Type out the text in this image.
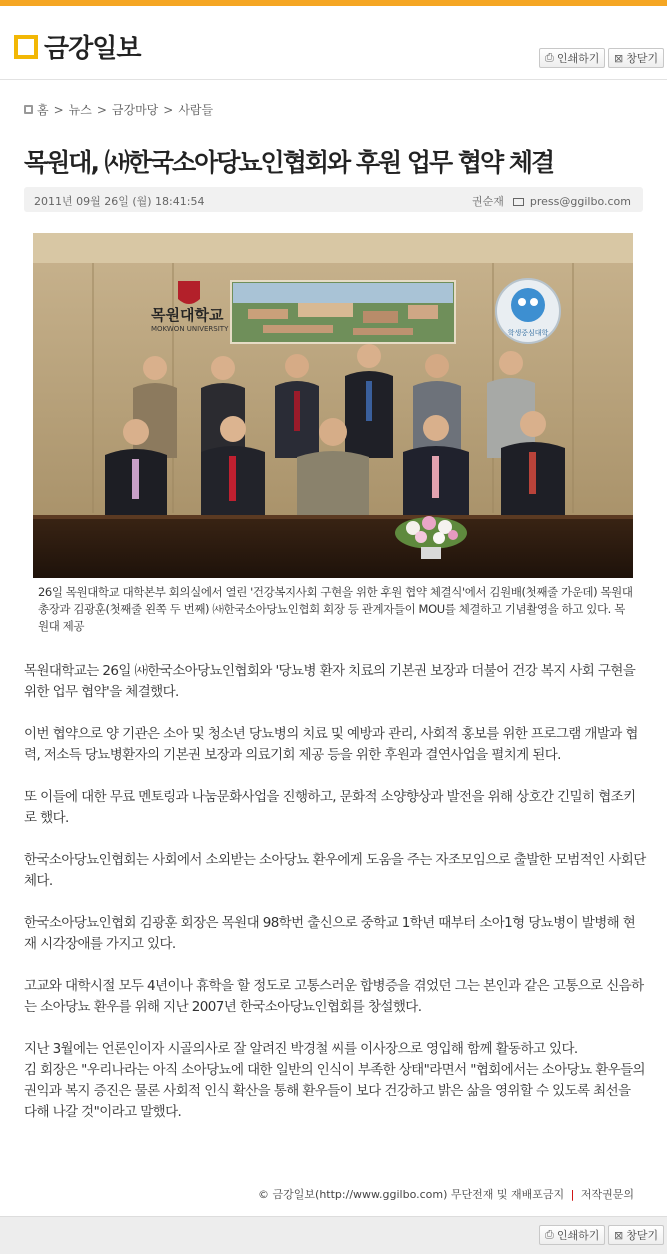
금강일보	⎙ 인쇄하기 ⊠ 창닫기
홈 > 뉴스 > 금강마당 > 사람들
목원대, ㈔한국소아당뇨인협회와 후원 업무 협약 체결
2011년 09월 26일 (월) 18:41:54	권순재 press@ggilbo.com
목원대학교
MOKWON UNIVERSITY	학생중심대학
26일 목원대학교 대학본부 회의실에서 열린 '건강복지사회 구현을 위한 후원 협약 체결식'에서 김원배(첫째줄 가운데) 목원대 총장과 김광훈(첫째줄 왼쪽 두 번째) ㈔한국소아당뇨인협회 회장 등 관계자들이 MOU를 체결하고 기념촬영을 하고 있다. 목원대 제공

목원대학교는 26일 ㈔한국소아당뇨인협회와 '당뇨병 환자 치료의 기본권 보장과 더불어 건강 복지 사회 구현을 위한 업무 협약'을 체결했다.

이번 협약으로 양 기관은 소아 및 청소년 당뇨병의 치료 및 예방과 관리, 사회적 홍보를 위한 프로그램 개발과 협력, 저소득 당뇨병환자의 기본권 보장과 의료기회 제공 등을 위한 후원과 결연사업을 펼치게 된다.

또 이들에 대한 무료 멘토링과 나눔문화사업을 진행하고, 문화적 소양향상과 발전을 위해 상호간 긴밀히 협조키로 했다.

한국소아당뇨인협회는 사회에서 소외받는 소아당뇨 환우에게 도움을 주는 자조모임으로 출발한 모범적인 사회단체다.

한국소아당뇨인협회 김광훈 회장은 목원대 98학번 출신으로 중학교 1학년 때부터 소아1형 당뇨병이 발병해 현재 시각장애를 가지고 있다.

고교와 대학시절 모두 4년이나 휴학을 할 정도로 고통스러운 합병증을 겪었던 그는 본인과 같은 고통으로 신음하는 소아당뇨 환우를 위해 지난 2007년 한국소아당뇨인협회를 창설했다.

지난 3월에는 언론인이자 시골의사로 잘 알려진 박경철 씨를 이사장으로 영입해 함께 활동하고 있다.

김 회장은 "우리나라는 아직 소아당뇨에 대한 일반의 인식이 부족한 상태"라면서 "협회에서는 소아당뇨 환우들의 권익과 복지 증진은 물론 사회적 인식 확산을 통해 환우들이 보다 건강하고 밝은 삶을 영위할 수 있도록 최선을 다해 나갈 것"이라고 말했다.

© 금강일보(http://www.ggilbo.com) 무단전재 및 재배포금지 | 저작권문의
⎙ 인쇄하기 ⊠ 창닫기
